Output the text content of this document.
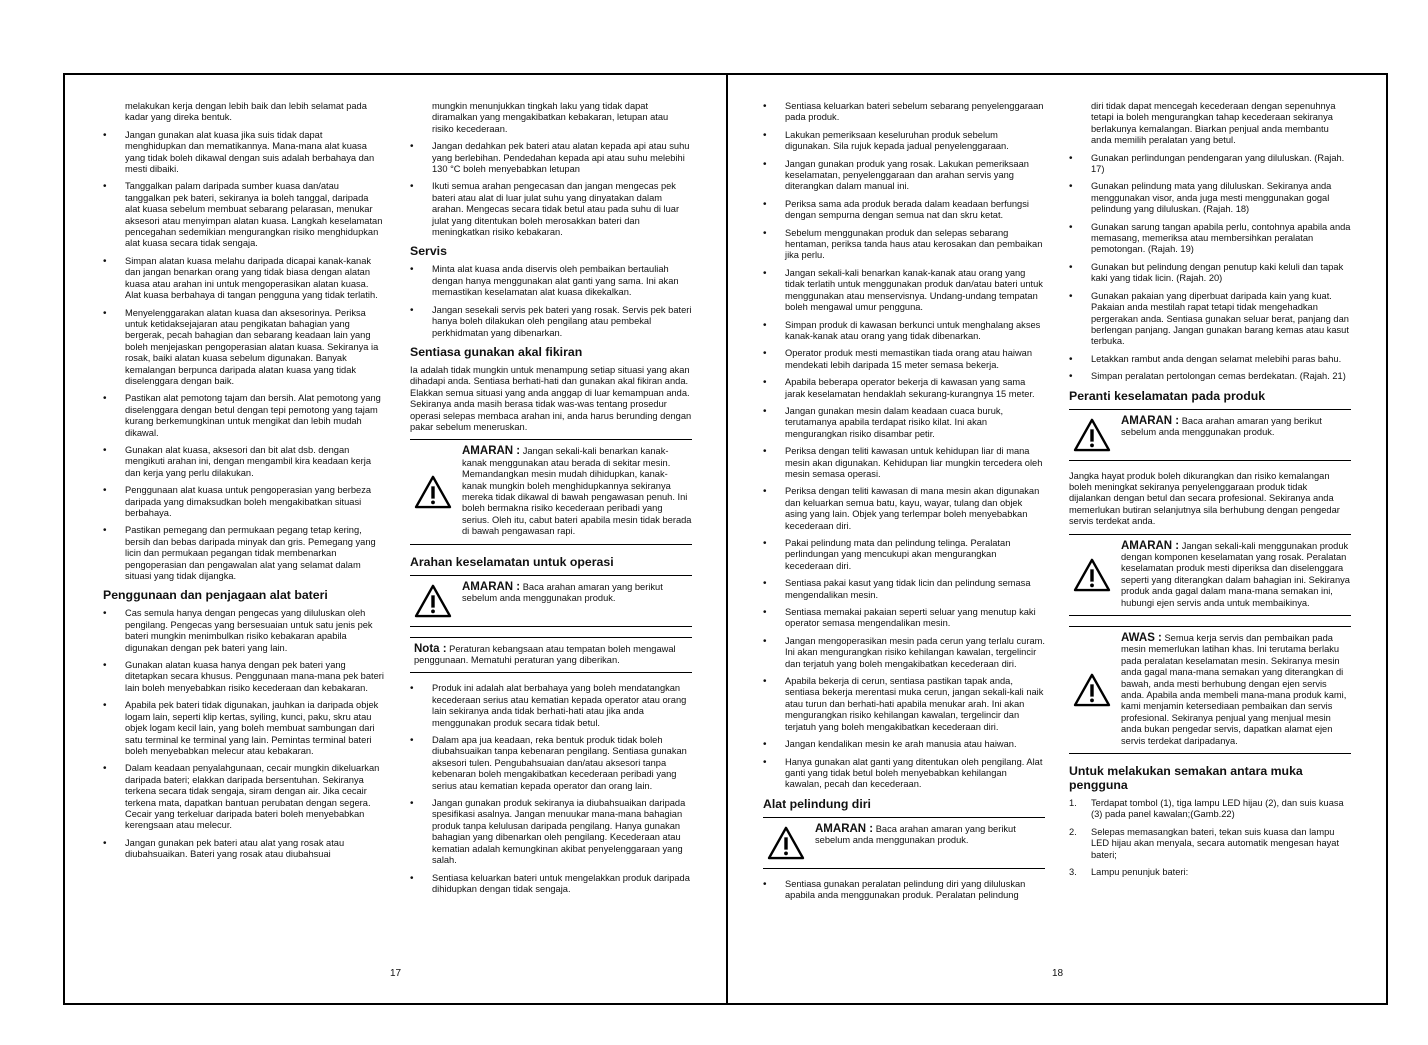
melakukan kerja dengan lebih baik dan lebih selamat pada kadar yang direka bentuk.
• Jangan gunakan alat kuasa jika suis tidak dapat menghidupkan dan mematikannya. Mana-mana alat kuasa yang tidak boleh dikawal dengan suis adalah berbahaya dan mesti dibaiki.
• Tanggalkan palam daripada sumber kuasa dan/atau tanggalkan pek bateri, sekiranya ia boleh tanggal, daripada alat kuasa sebelum membuat sebarang pelarasan, menukar aksesori atau menyimpan alatan kuasa. Langkah keselamatan pencegahan sedemikian mengurangkan risiko menghidupkan alat kuasa secara tidak sengaja.
• Simpan alatan kuasa melahu daripada dicapai kanak-kanak dan jangan benarkan orang yang tidak biasa dengan alatan kuasa atau arahan ini untuk mengoperasikan alatan kuasa. Alat kuasa berbahaya di tangan pengguna yang tidak terlatih.
• Menyelenggarakan alatan kuasa dan aksesorinya. Periksa untuk ketidaksejajaran atau pengikatan bahagian yang bergerak, pecah bahagian dan sebarang keadaan lain yang boleh menjejaskan pengoperasian alatan kuasa. Sekiranya ia rosak, baiki alatan kuasa sebelum digunakan. Banyak kemalangan berpunca daripada alatan kuasa yang tidak diselenggara dengan baik.
• Pastikan alat pemotong tajam dan bersih. Alat pemotong yang diselenggara dengan betul dengan tepi pemotong yang tajam kurang berkemungkinan untuk mengikat dan lebih mudah dikawal.
• Gunakan alat kuasa, aksesori dan bit alat dsb. dengan mengikuti arahan ini, dengan mengambil kira keadaan kerja dan kerja yang perlu dilakukan.
• Penggunaan alat kuasa untuk pengoperasian yang berbeza daripada yang dimaksudkan boleh mengakibatkan situasi berbahaya.
• Pastikan pemegang dan permukaan pegang tetap kering, bersih dan bebas daripada minyak dan gris. Pemegang yang licin dan permukaan pegangan tidak membenarkan pengoperasian dan pengawalan alat yang selamat dalam situasi yang tidak dijangka.
Penggunaan dan penjagaan alat bateri
• Cas semula hanya dengan pengecas yang diluluskan oleh pengilang. Pengecas yang bersesuaian untuk satu jenis pek bateri mungkin menimbulkan risiko kebakaran apabila digunakan dengan pek bateri yang lain.
• Gunakan alatan kuasa hanya dengan pek bateri yang ditetapkan secara khusus. Penggunaan mana-mana pek bateri lain boleh menyebabkan risiko kecederaan dan kebakaran.
• Apabila pek bateri tidak digunakan, jauhkan ia daripada objek logam lain, seperti klip kertas, syiling, kunci, paku, skru atau objek logam kecil lain, yang boleh membuat sambungan dari satu terminal ke terminal yang lain. Pemintas terminal bateri boleh menyebabkan melecur atau kebakaran.
• Dalam keadaan penyalahgunaan, cecair mungkin dikeluarkan daripada bateri; elakkan daripada bersentuhan. Sekiranya terkena secara tidak sengaja, siram dengan air. Jika cecair terkena mata, dapatkan bantuan perubatan dengan segera. Cecair yang terkeluar daripada bateri boleh menyebabkan kerengsaan atau melecur.
• Jangan gunakan pek bateri atau alat yang rosak atau diubahsuaikan. Bateri yang rosak atau diubahsuai
mungkin menunjukkan tingkah laku yang tidak dapat diramalkan yang mengakibatkan kebakaran, letupan atau risiko kecederaan.
• Jangan dedahkan pek bateri atau alatan kepada api atau suhu yang berlebihan. Pendedahan kepada api atau suhu melebihi 130 °C boleh menyebabkan letupan
• Ikuti semua arahan pengecasan dan jangan mengecas pek bateri atau alat di luar julat suhu yang dinyatakan dalam arahan. Mengecas secara tidak betul atau pada suhu di luar julat yang ditentukan boleh merosakkan bateri dan meningkatkan risiko kebakaran.
Servis
• Minta alat kuasa anda diservis oleh pembaikan bertauliah dengan hanya menggunakan alat ganti yang sama. Ini akan memastikan keselamatan alat kuasa dikekalkan.
• Jangan sesekali servis pek bateri yang rosak. Servis pek bateri hanya boleh dilakukan oleh pengilang atau pembekal perkhidmatan yang dibenarkan.
Sentiasa gunakan akal fikiran

Ia adalah tidak mungkin untuk menampung setiap situasi yang akan dihadapi anda. Sentiasa berhati-hati dan gunakan akal fikiran anda. Elakkan semua situasi yang anda anggap di luar kemampuan anda. Sekiranya anda masih berasa tidak was-was tentang prosedur operasi selepas membaca arahan ini, anda harus berunding dengan pakar sebelum meneruskan.

AMARAN : Jangan sekali-kali benarkan kanak-kanak menggunakan atau berada di sekitar mesin. Memandangkan mesin mudah dihidupkan, kanak-kanak mungkin boleh menghidupkannya sekiranya mereka tidak dikawal di bawah pengawasan penuh. Ini boleh bermakna risiko kecederaan peribadi yang serius. Oleh itu, cabut bateri apabila mesin tidak berada di bawah pengawasan rapi.
Arahan keselamatan untuk operasi
AMARAN : Baca arahan amaran yang berikut sebelum anda menggunakan produk.
Nota : Peraturan kebangsaan atau tempatan boleh mengawal penggunaan. Mematuhi peraturan yang diberikan.
• Produk ini adalah alat berbahaya yang boleh mendatangkan kecederaan serius atau kematian kepada operator atau orang lain sekiranya anda tidak berhati-hati atau jika anda menggunakan produk secara tidak betul.
• Dalam apa jua keadaan, reka bentuk produk tidak boleh diubahsuaikan tanpa kebenaran pengilang. Sentiasa gunakan aksesori tulen. Pengubahsuaian dan/atau aksesori tanpa kebenaran boleh mengakibatkan kecederaan peribadi yang serius atau kematian kepada operator dan orang lain.
• Jangan gunakan produk sekiranya ia diubahsuaikan daripada spesifikasi asalnya. Jangan menuukar mana-mana bahagian produk tanpa kelulusan daripada pengilang. Hanya gunakan bahagian yang dibenarkan oleh pengilang. Kecederaan atau kematian adalah kemungkinan akibat penyelenggaraan yang salah.
• Sentiasa keluarkan bateri untuk mengelakkan produk daripada dihidupkan dengan tidak sengaja.
17
• Sentiasa keluarkan bateri sebelum sebarang penyelenggaraan pada produk.
• Lakukan pemeriksaan keseluruhan produk sebelum digunakan. Sila rujuk kepada jadual penyelenggaraan.
• Jangan gunakan produk yang rosak. Lakukan pemeriksaan keselamatan, penyelenggaraan dan arahan servis yang diterangkan dalam manual ini.
• Periksa sama ada produk berada dalam keadaan berfungsi dengan sempurna dengan semua nat dan skru ketat.
• Sebelum menggunakan produk dan selepas sebarang hentaman, periksa tanda haus atau kerosakan dan pembaikan jika perlu.
• Jangan sekali-kali benarkan kanak-kanak atau orang yang tidak terlatih untuk menggunakan produk dan/atau bateri untuk menggunakan atau menservisnya. Undang-undang tempatan boleh mengawal umur pengguna.
• Simpan produk di kawasan berkunci untuk menghalang akses kanak-kanak atau orang yang tidak dibenarkan.
• Operator produk mesti memastikan tiada orang atau haiwan mendekati lebih daripada 15 meter semasa bekerja.
• Apabila beberapa operator bekerja di kawasan yang sama jarak keselamatan hendaklah sekurang-kurangnya 15 meter.
• Jangan gunakan mesin dalam keadaan cuaca buruk, terutamanya apabila terdapat risiko kilat. Ini akan mengurangkan risiko disambar petir.
• Periksa dengan teliti kawasan untuk kehidupan liar di mana mesin akan digunakan. Kehidupan liar mungkin tercedera oleh mesin semasa operasi.
• Periksa dengan teliti kawasan di mana mesin akan digunakan dan keluarkan semua batu, kayu, wayar, tulang dan objek asing yang lain. Objek yang terlempar boleh menyebabkan kecederaan diri.
• Pakai pelindung mata dan pelindung telinga. Peralatan perlindungan yang mencukupi akan mengurangkan kecederaan diri.
• Sentiasa pakai kasut yang tidak licin dan pelindung semasa mengendalikan mesin.
• Sentiasa memakai pakaian seperti seluar yang menutup kaki operator semasa mengendalikan mesin.
• Jangan mengoperasikan mesin pada cerun yang terlalu curam. Ini akan mengurangkan risiko kehilangan kawalan, tergelincir dan terjatuh yang boleh mengakibatkan kecederaan diri.
• Apabila bekerja di cerun, sentiasa pastikan tapak anda, sentiasa bekerja merentasi muka cerun, jangan sekali-kali naik atau turun dan berhati-hati apabila menukar arah. Ini akan mengurangkan risiko kehilangan kawalan, tergelincir dan terjatuh yang boleh mengakibatkan kecederaan diri.
• Jangan kendalikan mesin ke arah manusia atau haiwan.
• Hanya gunakan alat ganti yang ditentukan oleh pengilang. Alat ganti yang tidak betul boleh menyebabkan kehilangan kawalan, pecah dan kecederaan.
Alat pelindung diri
AMARAN : Baca arahan amaran yang berikut sebelum anda menggunakan produk.
• Sentiasa gunakan peralatan pelindung diri yang diluluskan apabila anda menggunakan produk. Peralatan pelindung
diri tidak dapat mencegah kecederaan dengan sepenuhnya tetapi ia boleh mengurangkan tahap kecederaan sekiranya berlakunya kemalangan. Biarkan penjual anda membantu anda memilih peralatan yang betul.
• Gunakan perlindungan pendengaran yang diluluskan. (Rajah. 17)
• Gunakan pelindung mata yang diluluskan. Sekiranya anda menggunakan visor, anda juga mesti menggunakan gogal pelindung yang diluluskan. (Rajah. 18)
• Gunakan sarung tangan apabila perlu, contohnya apabila anda memasang, memeriksa atau membersihkan peralatan pemotongan. (Rajah. 19)
• Gunakan but pelindung dengan penutup kaki keluli dan tapak kaki yang tidak licin. (Rajah. 20)
• Gunakan pakaian yang diperbuat daripada kain yang kuat. Pakaian anda mestilah rapat tetapi tidak mengehadkan pergerakan anda. Sentiasa gunakan seluar berat, panjang dan berlengan panjang. Jangan gunakan barang kemas atau kasut terbuka.
• Letakkan rambut anda dengan selamat melebihi paras bahu.
• Simpan peralatan pertolongan cemas berdekatan. (Rajah. 21)
Peranti keselamatan pada produk
AMARAN : Baca arahan amaran yang berikut sebelum anda menggunakan produk.

Jangka hayat produk boleh dikurangkan dan risiko kemalangan boleh meningkat sekiranya penyelenggaraan produk tidak dijalankan dengan betul dan secara profesional. Sekiranya anda memerlukan butiran selanjutnya sila berhubung dengan pengedar servis terdekat anda.

AMARAN : Jangan sekali-kali menggunakan produk dengan komponen keselamatan yang rosak. Peralatan keselamatan produk mesti diperiksa dan diselenggara seperti yang diterangkan dalam bahagian ini. Sekiranya produk anda gagal dalam mana-mana semakan ini, hubungi ejen servis anda untuk membaikinya.
AWAS : Semua kerja servis dan pembaikan pada mesin memerlukan latihan khas. Ini terutama berlaku pada peralatan keselamatan mesin. Sekiranya mesin anda gagal mana-mana semakan yang diterangkan di bawah, anda mesti berhubung dengan ejen servis anda. Apabila anda membeli mana-mana produk kami, kami menjamin ketersediaan pembaikan dan servis profesional. Sekiranya penjual yang menjual mesin anda bukan pengedar servis, dapatkan alamat ejen servis terdekat daripadanya.
Untuk melakukan semakan antara muka pengguna
1. Terdapat tombol (1), tiga lampu LED hijau (2), dan suis kuasa (3) pada panel kawalan;(Gamb.22)
2. Selepas memasangkan bateri, tekan suis kuasa dan lampu LED hijau akan menyala, secara automatik mengesan hayat bateri;
3. Lampu penunjuk bateri:
18
